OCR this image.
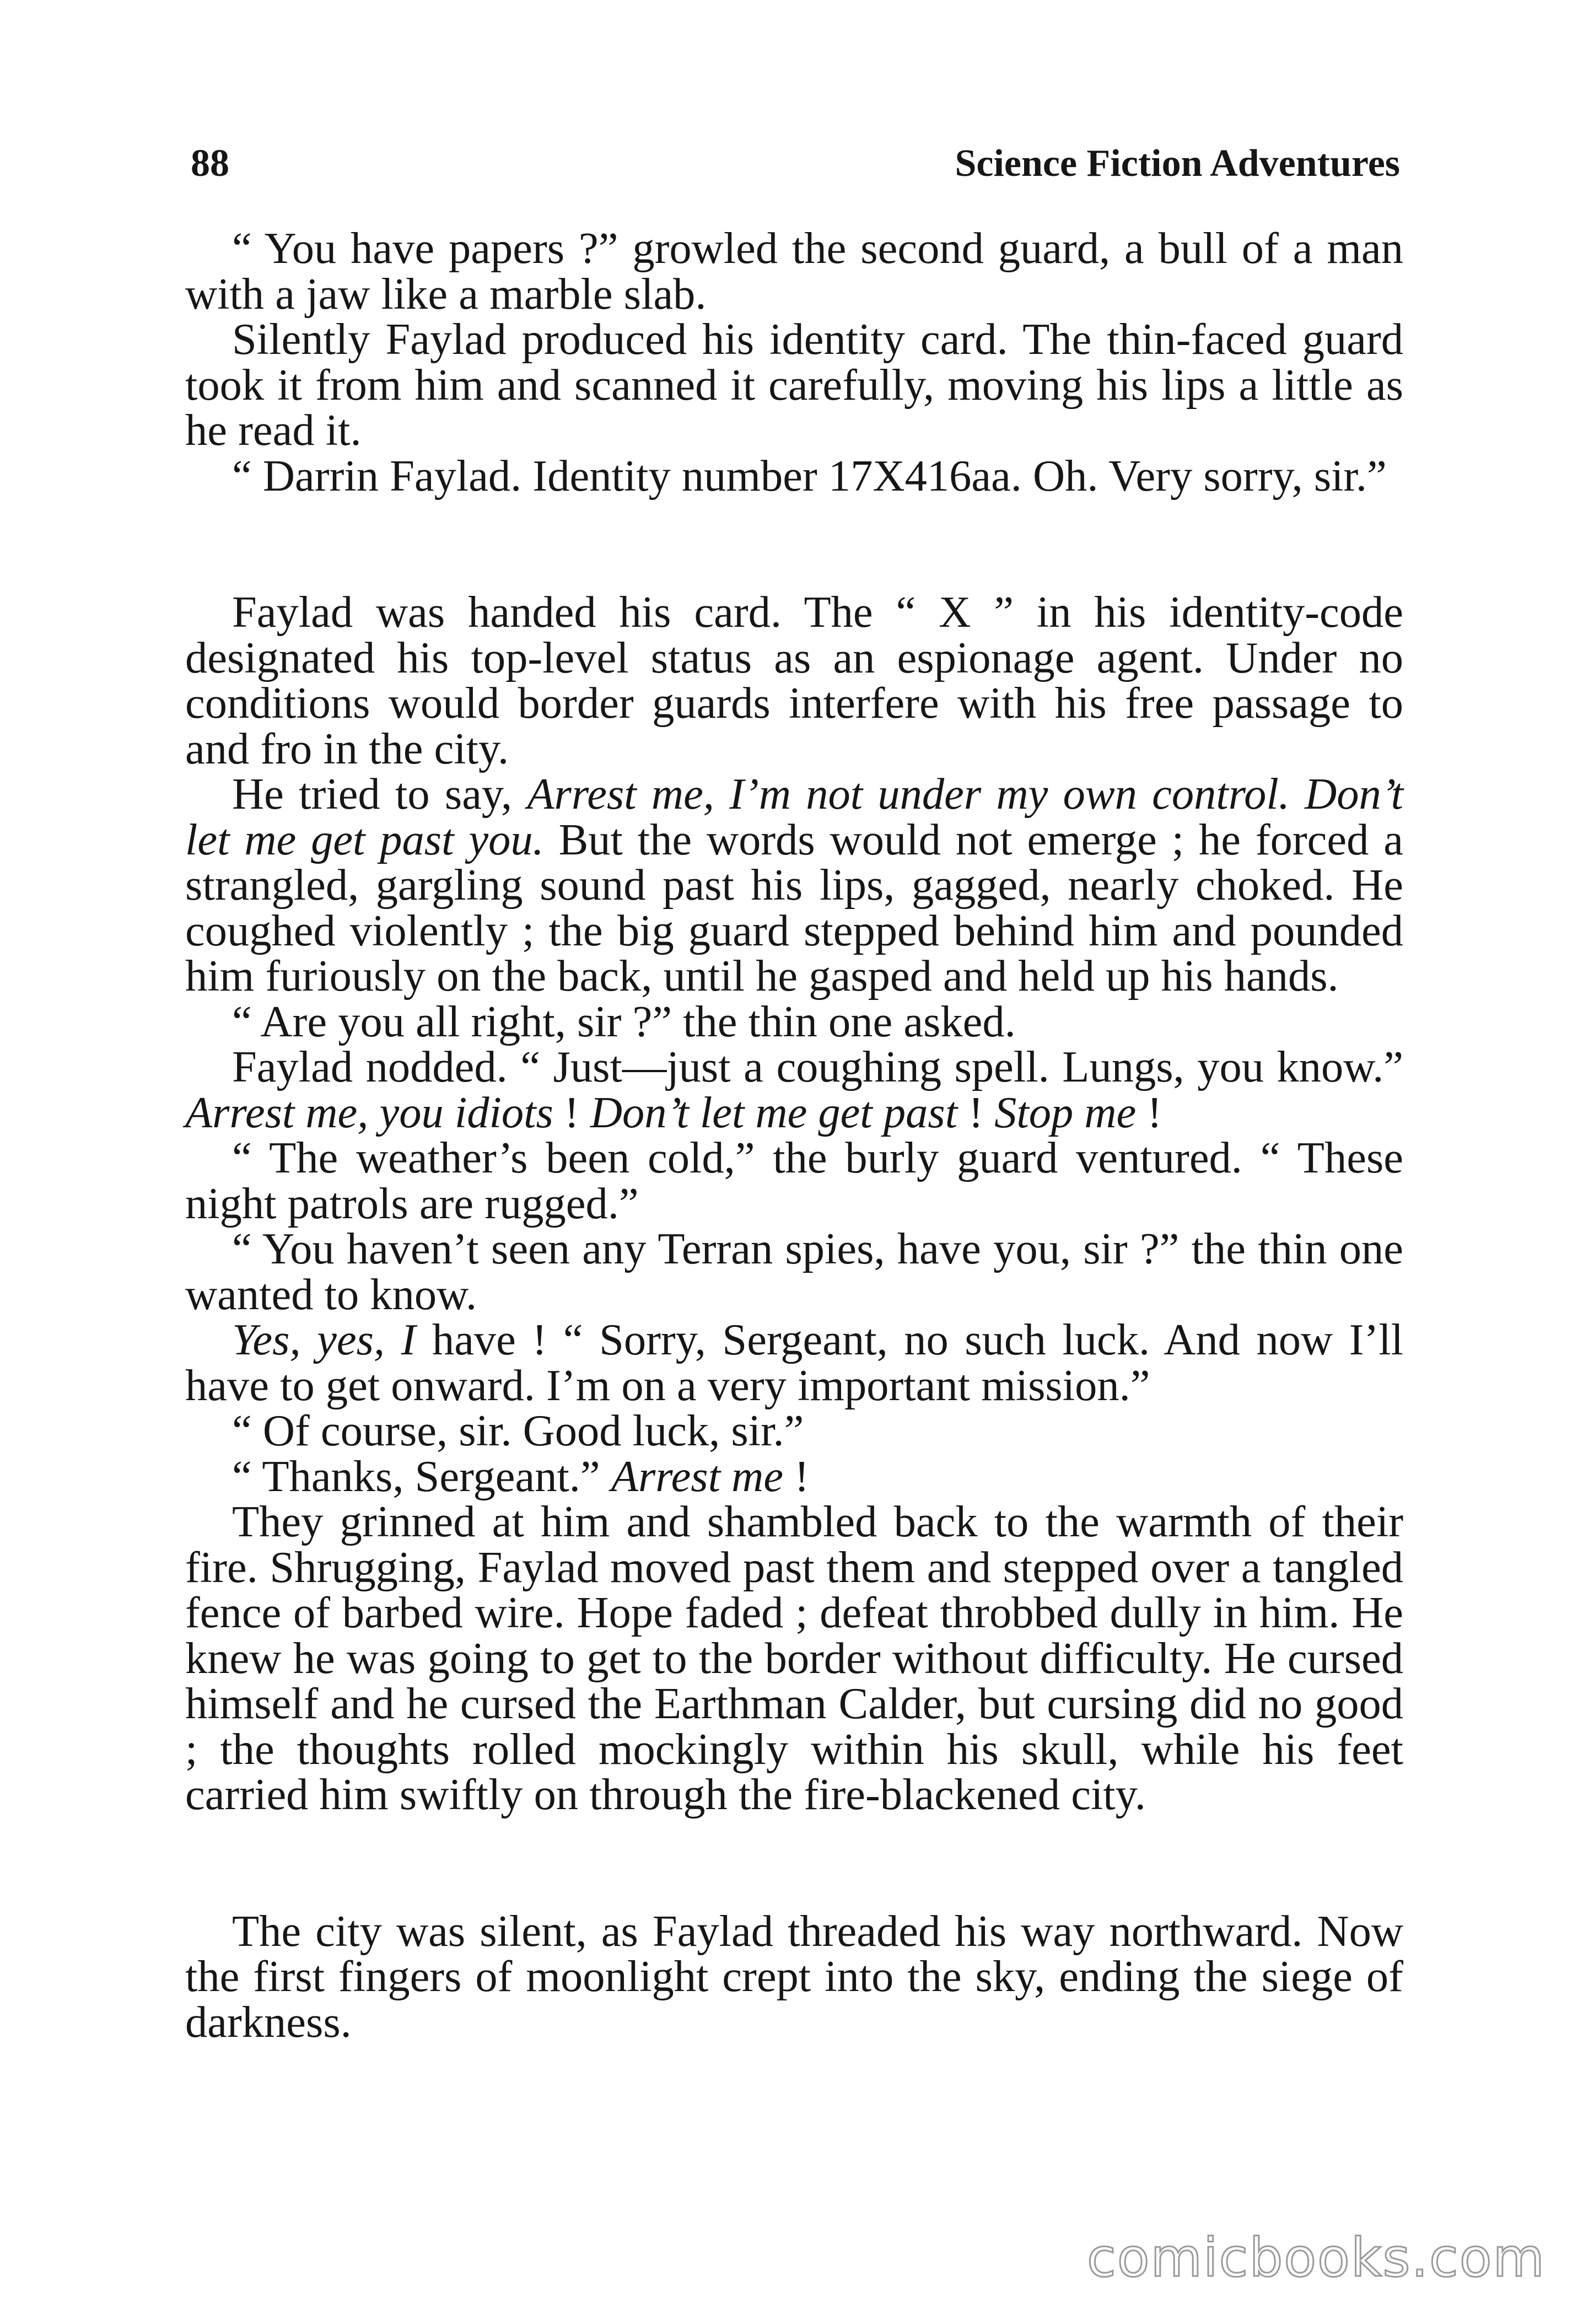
88	Science Fiction Adventures

“ You have papers ?” growled the second guard, a bull of a man with a jaw like a marble slab.

Silently Faylad produced his identity card. The thin-faced guard took it from him and scanned it carefully, moving his lips a little as he read it.

“ Darrin Faylad. Identity number 17X416aa. Oh. Very sorry, sir.”

Faylad was handed his card. The “ X ” in his identity-code designated his top-level status as an espionage agent. Under no conditions would border guards interfere with his free passage to and fro in the city.

He tried to say, Arrest me, I’m not under my own control. Don’t let me get past you. But the words would not emerge ; he forced a strangled, gargling sound past his lips, gagged, nearly choked. He coughed violently ; the big guard stepped behind him and pounded him furiously on the back, until he gasped and held up his hands.

“ Are you all right, sir ?” the thin one asked.

Faylad nodded. “ Just—just a coughing spell. Lungs, you know.” Arrest me, you idiots ! Don’t let me get past ! Stop me !

“ The weather’s been cold,” the burly guard ventured. “ These night patrols are rugged.”

“ You haven’t seen any Terran spies, have you, sir ?” the thin one wanted to know.

Yes, yes, I have ! “ Sorry, Sergeant, no such luck. And now I’ll have to get onward. I’m on a very important mission.”

“ Of course, sir. Good luck, sir.”

“ Thanks, Sergeant.” Arrest me !

They grinned at him and shambled back to the warmth of their fire. Shrugging, Faylad moved past them and stepped over a tangled fence of barbed wire. Hope faded ; defeat throbbed dully in him. He knew he was going to get to the border without difficulty. He cursed himself and he cursed the Earthman Calder, but cursing did no good ; the thoughts rolled mockingly within his skull, while his feet carried him swiftly on through the fire-blackened city.

The city was silent, as Faylad threaded his way northward. Now the first fingers of moonlight crept into the sky, ending the siege of darkness.

comicbooks.com
